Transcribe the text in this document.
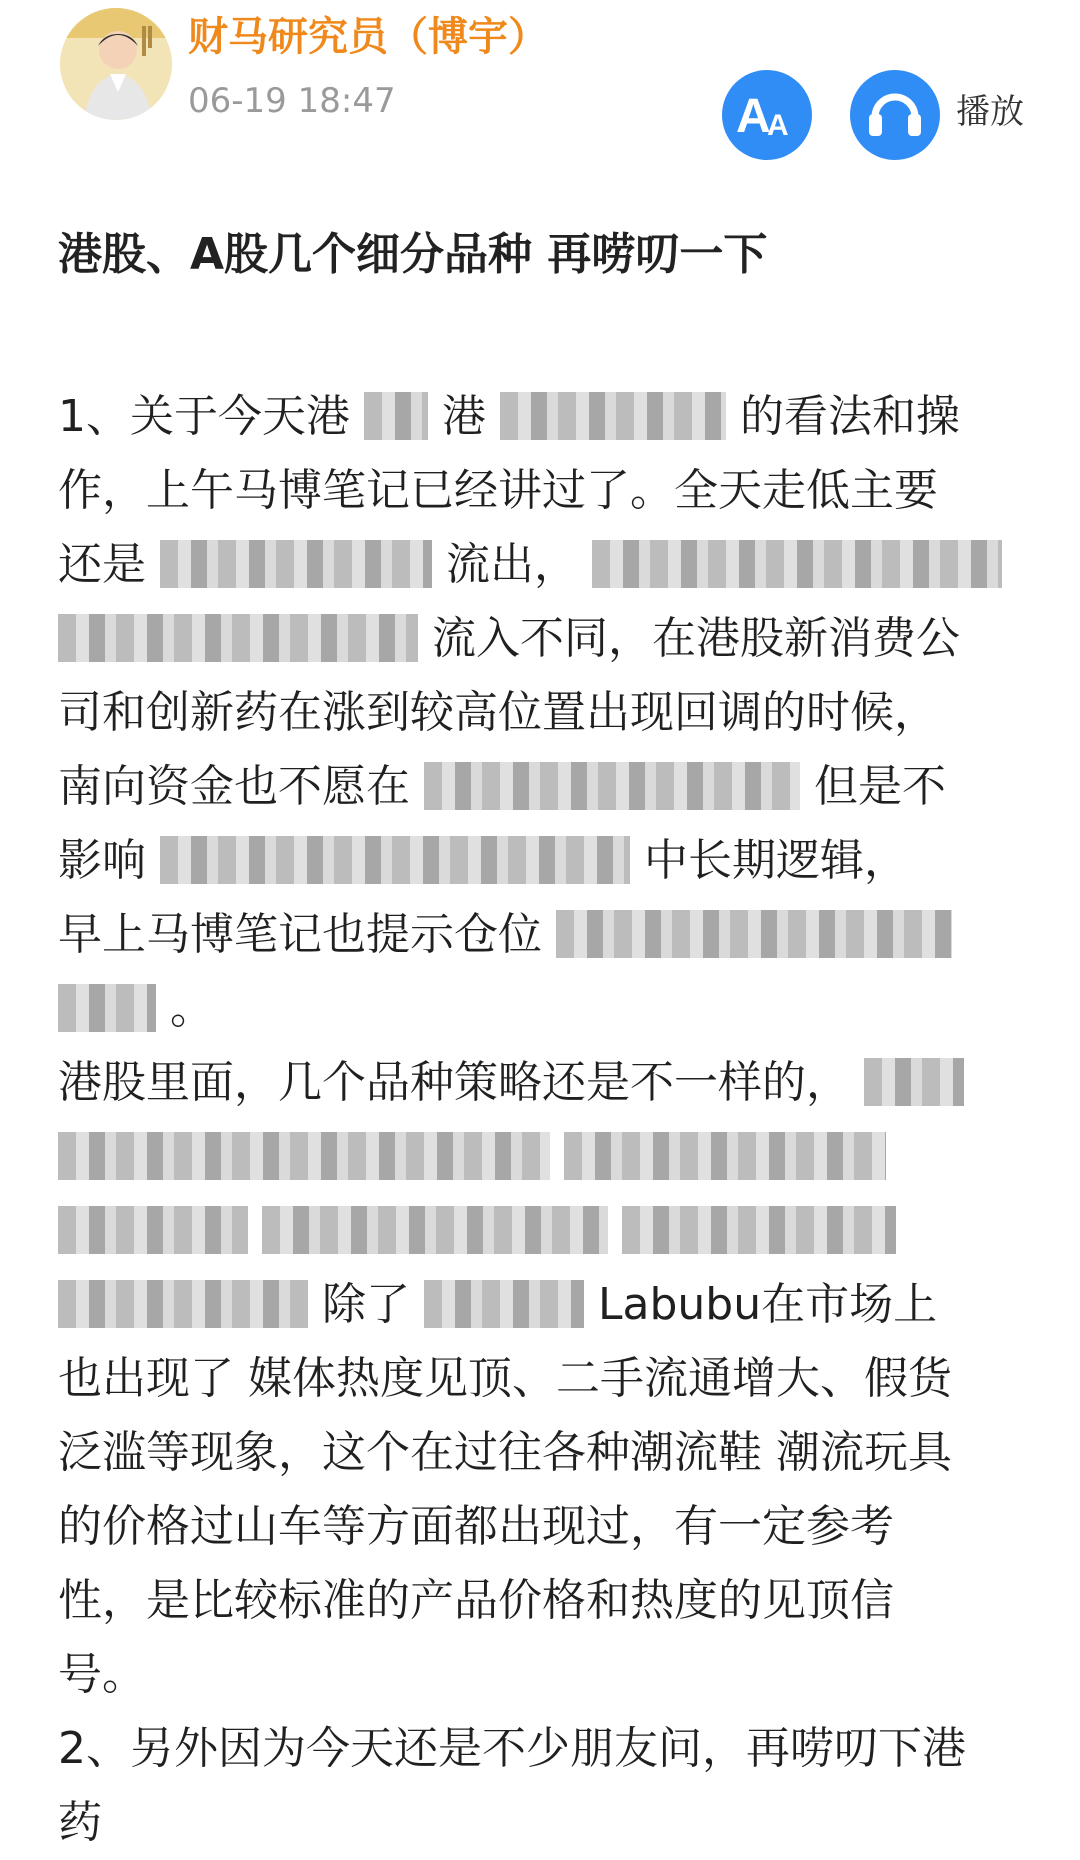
财马研究员（博宇）
06-19 18:47	A
A	播放
港股、A股几个细分品种 再唠叨一下
1、关于今天港 港	的看法和操
作，上午马博笔记已经讲过了。全天走低主要
还是	流出，
流入不同，在港股新消费公
司和创新药在涨到较高位置出现回调的时候，
南向资金也不愿在	但是不
影响	中长期逻辑，
早上马博笔记也提示仓位
。
港股里面，几个品种策略还是不一样的，

除了	Labubu在市场上
也出现了 媒体热度见顶、二手流通增大、假货
泛滥等现象，这个在过往各种潮流鞋 潮流玩具
的价格过山车等方面都出现过，有一定参考
性，是比较标准的产品价格和热度的见顶信
号。
2、另外因为今天还是不少朋友问，再唠叨下港
药
